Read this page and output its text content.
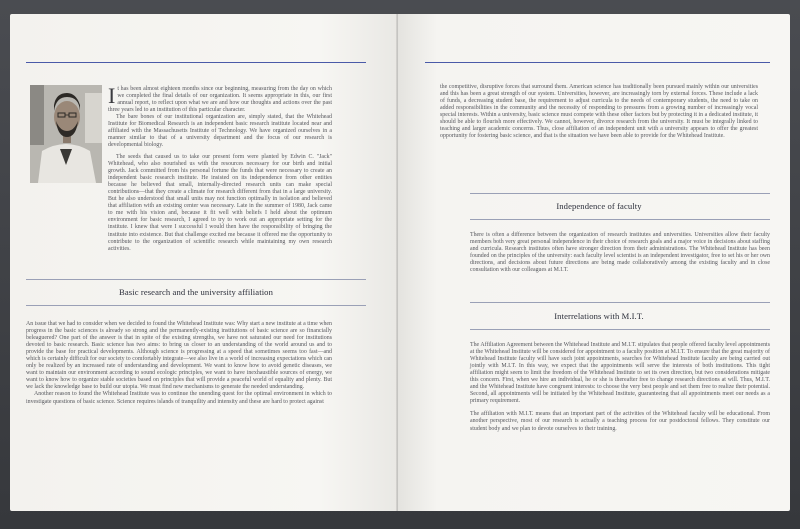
It has been almost eighteen months since our beginning, measuring from the day on which we completed the final details of our organization. It seems appropriate in this, our first annual report, to reflect upon what we are and how our thoughts and actions over the past three years led to an institution of this particular character.

The bare bones of our institutional organization are, simply stated, that the Whitehead Institute for Biomedical Research is an independent basic research institute located near and affiliated with the Massachusetts Institute of Technology. We have organized ourselves in a manner similar to that of a university department and the focus of our research is developmental biology.

The seeds that caused us to take our present form were planted by Edwin C. "Jack" Whitehead, who also nourished us with the resources necessary for our birth and initial growth. Jack committed from his personal fortune the funds that were necessary to create an independent basic research institute. He insisted on its independence from other entities because he believed that small, internally-directed research units can make special contributions—that they create a climate for research different from that in a large university. But he also understood that small units may not function optimally in isolation and believed that affiliation with an existing center was necessary. Late in the summer of 1980, Jack came to me with his vision and, because it fit well with beliefs I held about the optimum environment for basic research, I agreed to try to work out an appropriate setting for the institute. I knew that were I successful I would then have the responsibility of bringing the institute into existence. But that challenge excited me because it offered me the opportunity to contribute to the organization of scientific research while maintaining my own research activities.

Basic research and the university affiliation

An issue that we had to consider when we decided to found the Whitehead Institute was: Why start a new institute at a time when progress in the basic sciences is already so strong and the permanently-existing institutions of basic science are so financially beleaguered? One part of the answer is that in spite of the existing strengths, we have not saturated our need for institutions devoted to basic research. Basic science has two aims: to bring us closer to an understanding of the world around us and to provide the base for practical developments. Although science is progressing at a speed that sometimes seems too fast—and which is certainly difficult for our society to comfortably integrate—we also live in a world of increasing expectations which can only be realized by an increased rate of understanding and development. We want to know how to avoid genetic diseases, we want to maintain our environment according to sound ecologic principles, we want to have inexhaustible sources of energy, we want to know how to organize stable societies based on principles that will provide a peaceful world of equality and plenty. But we lack the knowledge base to build our utopia. We must find new mechanisms to generate the needed understanding.

Another reason to found the Whitehead Institute was to continue the unending quest for the optimal environment in which to investigate questions of basic science. Science requires islands of tranquility and intensity and these are hard to protect against

the competitive, disruptive forces that surround them. American science has traditionally been pursued mainly within our universities and this has been a great strength of our system. Universities, however, are increasingly torn by external forces. These include a lack of funds, a decreasing student base, the requirement to adjust curricula to the needs of contemporary students, the need to take on added responsibilities in the community and the necessity of responding to pressures from a growing number of increasingly vocal special interests. Within a university, basic science must compete with these other factors but by protecting it in a dedicated institute, it should be able to flourish more effectively. We cannot, however, divorce research from the university. It must be integrally linked to teaching and larger academic concerns. Thus, close affiliation of an independent unit with a university appears to offer the greatest opportunity for fostering basic science, and that is the situation we have been able to provide for the Whitehead Institute.

Independence of faculty

There is often a difference between the organization of research institutes and universities. Universities allow their faculty members both very great personal independence in their choice of research goals and a major voice in decisions about staffing and curricula. Research institutes often have stronger direction from their administrations. The Whitehead Institute has been founded on the principles of the university: each faculty level scientist is an independent investigator, free to set his or her own directions, and decisions about future directions are being made collaboratively among the existing faculty and in close consultation with our colleagues at M.I.T.

Interrelations with M.I.T.

The Affiliation Agreement between the Whitehead Institute and M.I.T. stipulates that people offered faculty level appointments at the Whitehead Institute will be considered for appointment to a faculty position at M.I.T. To ensure that the great majority of Whitehead Institute faculty will have such joint appointments, searches for Whitehead Institute faculty are being carried out jointly with M.I.T. In this way, we expect that the appointments will serve the interests of both institutions. This tight affiliation might seem to limit the freedom of the Whitehead Institute to set its own direction, but two considerations mitigate this concern. First, when we hire an individual, he or she is thereafter free to change research directions at will. Thus, M.I.T. and the Whitehead Institute have congruent interests: to choose the very best people and set them free to realize their potential. Second, all appointments will be initiated by the Whitehead Institute, guaranteeing that all appointments meet our needs as a primary requirement.

The affiliation with M.I.T. means that an important part of the activities of the Whitehead faculty will be educational. From another perspective, most of our research is actually a teaching process for our postdoctoral fellows. They constitute our student body and we plan to devote ourselves to their training.
